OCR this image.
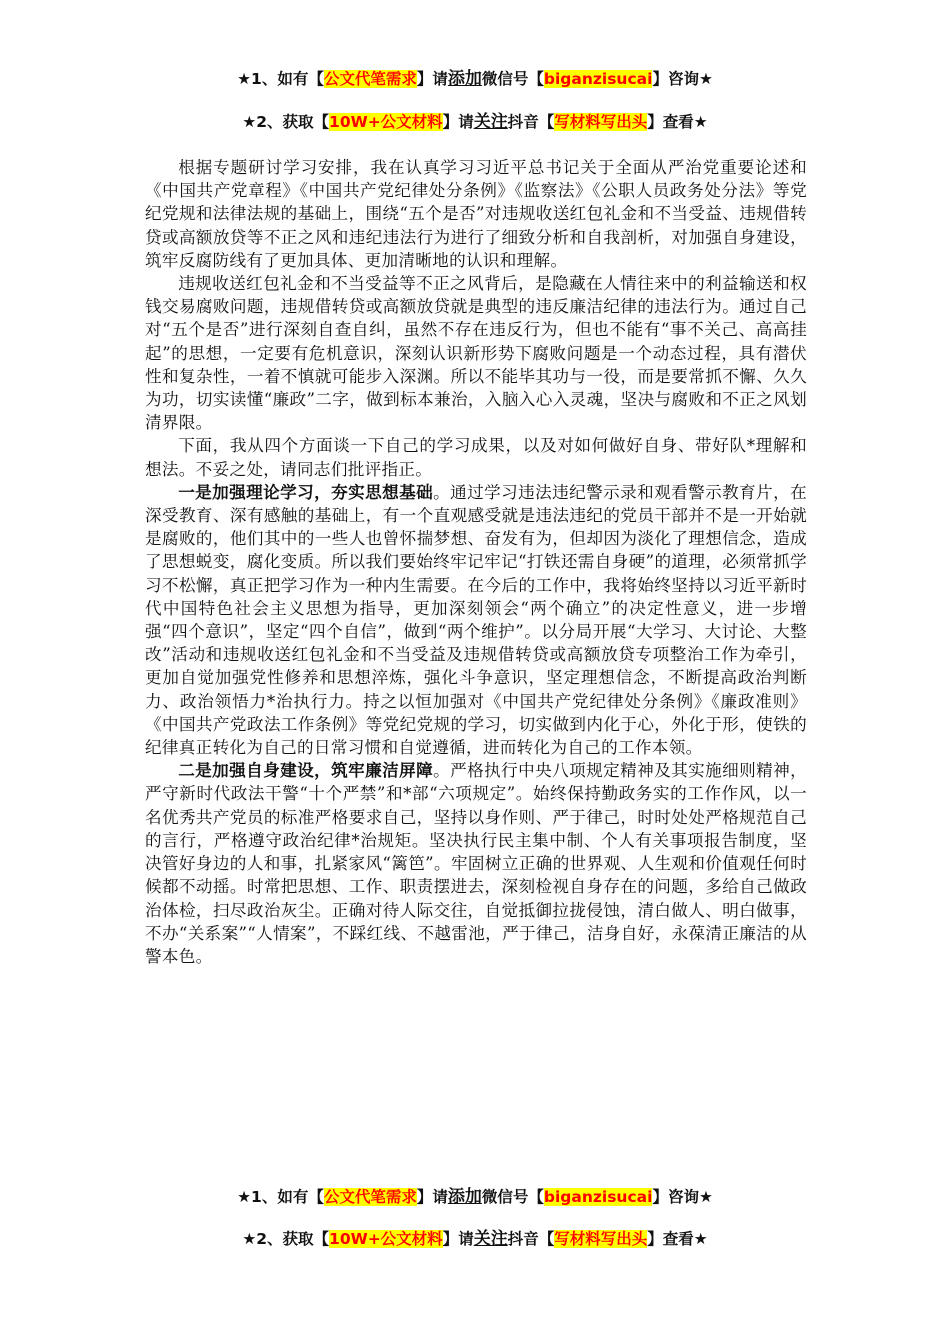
★1、如有【公文代笔需求】请添加微信号【biganzisucai】咨询★
★2、获取【10W+公文材料】请关注抖音【写材料写出头】查看★

根据专题研讨学习安排，我在认真学习习近平总书记关于全面从严治党重要论述和《中国共产党章程》《中国共产党纪律处分条例》《监察法》《公职人员政务处分法》等党纪党规和法律法规的基础上，围绕“五个是否”对违规收送红包礼金和不当受益、违规借转贷或高额放贷等不正之风和违纪违法行为进行了细致分析和自我剖析，对加强自身建设，筑牢反腐防线有了更加具体、更加清晰地的认识和理解。

违规收送红包礼金和不当受益等不正之风背后，是隐藏在人情往来中的利益输送和权钱交易腐败问题，违规借转贷或高额放贷就是典型的违反廉洁纪律的违法行为。通过自己对“五个是否”进行深刻自查自纠，虽然不存在违反行为，但也不能有“事不关己、高高挂起”的思想，一定要有危机意识，深刻认识新形势下腐败问题是一个动态过程，具有潜伏性和复杂性，一着不慎就可能步入深渊。所以不能毕其功与一役，而是要常抓不懈、久久为功，切实读懂“廉政”二字，做到标本兼治，入脑入心入灵魂，坚决与腐败和不正之风划清界限。

下面，我从四个方面谈一下自己的学习成果，以及对如何做好自身、带好队*理解和想法。不妥之处，请同志们批评指正。

一是加强理论学习，夯实思想基础。通过学习违法违纪警示录和观看警示教育片，在深受教育、深有感触的基础上，有一个直观感受就是违法违纪的党员干部并不是一开始就是腐败的，他们其中的一些人也曾怀揣梦想、奋发有为，但却因为淡化了理想信念，造成了思想蜕变，腐化变质。所以我们要始终牢记牢记“打铁还需自身硬”的道理，必须常抓学习不松懈，真正把学习作为一种内生需要。在今后的工作中，我将始终坚持以习近平新时代中国特色社会主义思想为指导，更加深刻领会“两个确立”的决定性意义，进一步增强“四个意识”，坚定“四个自信”，做到“两个维护”。以分局开展“大学习、大讨论、大整改”活动和违规收送红包礼金和不当受益及违规借转贷或高额放贷专项整治工作为牵引，更加自觉加强党性修养和思想淬炼，强化斗争意识，坚定理想信念，不断提高政治判断力、政治领悟力*治执行力。持之以恒加强对《中国共产党纪律处分条例》《廉政准则》《中国共产党政法工作条例》等党纪党规的学习，切实做到内化于心，外化于形，使铁的纪律真正转化为自己的日常习惯和自觉遵循，进而转化为自己的工作本领。

二是加强自身建设，筑牢廉洁屏障。严格执行中央八项规定精神及其实施细则精神，严守新时代政法干警“十个严禁”和*部“六项规定”。始终保持勤政务实的工作作风，以一名优秀共产党员的标准严格要求自己，坚持以身作则、严于律己，时时处处严格规范自己的言行，严格遵守政治纪律*治规矩。坚决执行民主集中制、个人有关事项报告制度，坚决管好身边的人和事，扎紧家风“篱笆”。牢固树立正确的世界观、人生观和价值观任何时候都不动摇。时常把思想、工作、职责摆进去，深刻检视自身存在的问题，多给自己做政治体检，扫尽政治灰尘。正确对待人际交往，自觉抵御拉拢侵蚀，清白做人、明白做事，不办“关系案”“人情案”，不踩红线、不越雷池，严于律己，洁身自好，永葆清正廉洁的从警本色。

★1、如有【公文代笔需求】请添加微信号【biganzisucai】咨询★
★2、获取【10W+公文材料】请关注抖音【写材料写出头】查看★
